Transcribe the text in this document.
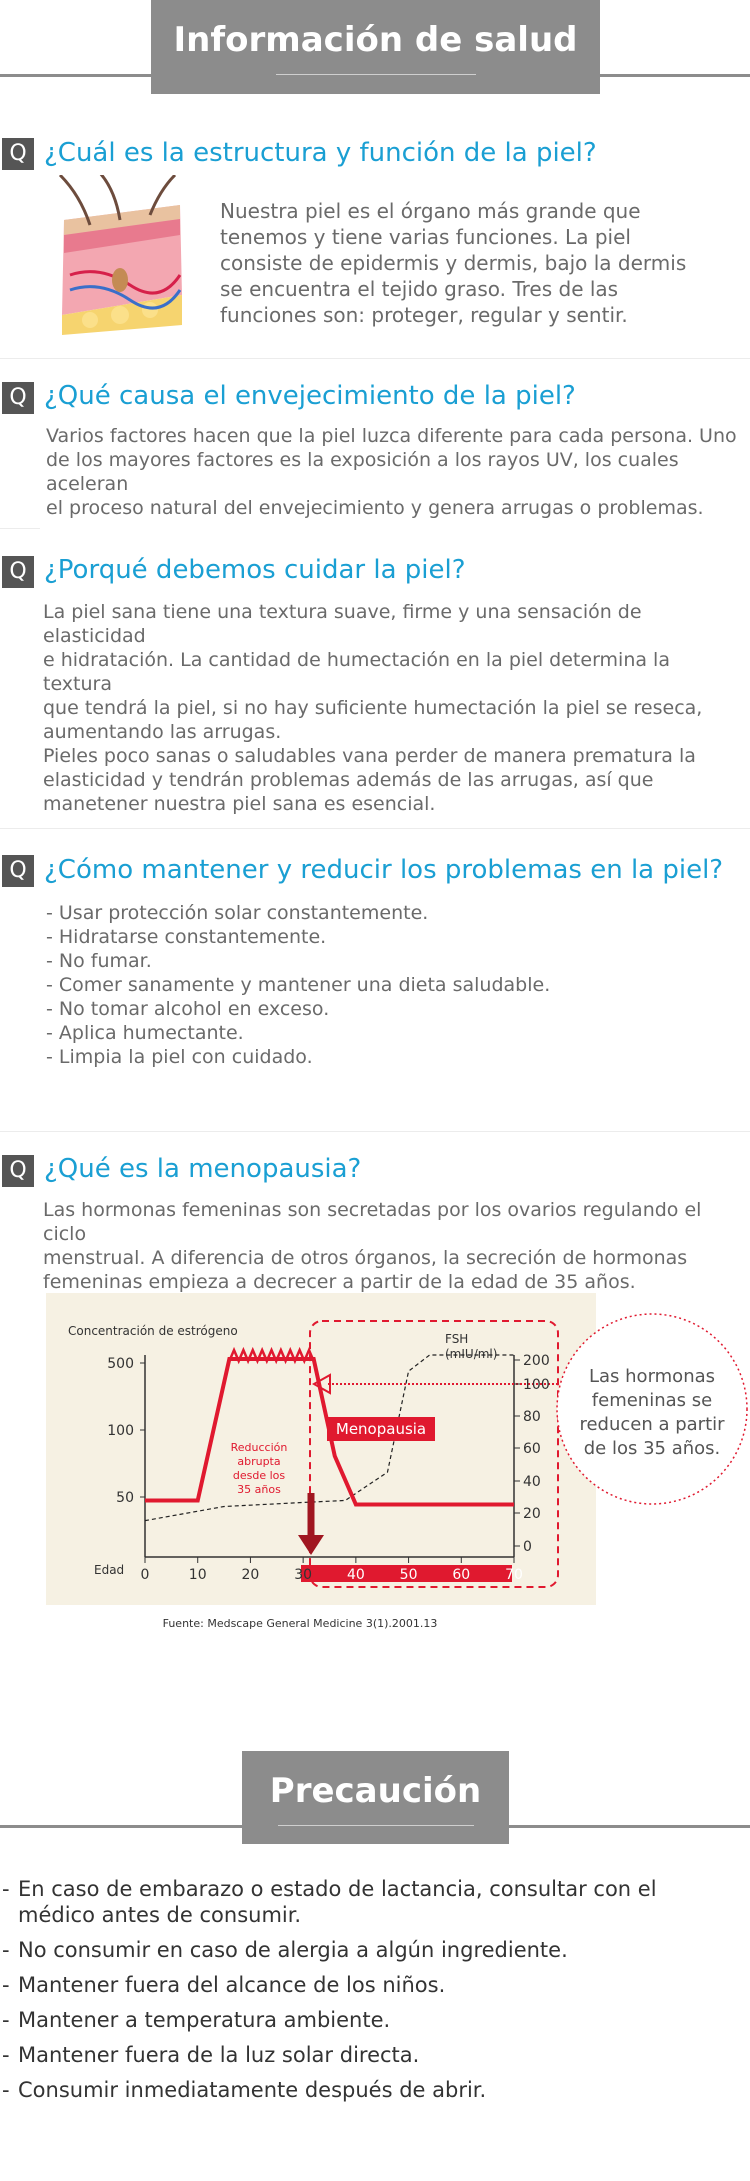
Información de salud
Q ¿Cuál es la estructura y función de la piel?
Nuestra piel es el órgano más grande que
tenemos y tiene varias funciones. La piel
consiste de epidermis y dermis, bajo la dermis
se encuentra el tejido graso. Tres de las
funciones son: proteger, regular y sentir.
Q ¿Qué causa el envejecimiento de la piel?
Varios factores hacen que la piel luzca diferente para cada persona. Uno
de los mayores factores es la exposición a los rayos UV, los cuales aceleran
el proceso natural del envejecimiento y genera arrugas o problemas.
Q ¿Porqué debemos cuidar la piel?
La piel sana tiene una textura suave, firme y una sensación de elasticidad
e hidratación. La cantidad de humectación en la piel determina la textura
que tendrá la piel, si no hay suficiente humectación la piel se reseca,
aumentando las arrugas.
Pieles poco sanas o saludables vana perder de manera prematura la
elasticidad y tendrán problemas además de las arrugas, así que
manetener nuestra piel sana es esencial.
Q ¿Cómo mantener y reducir los problemas en la piel?
- Usar protección solar constantemente.
- Hidratarse constantemente.
- No fumar.
- Comer sanamente y mantener una dieta saludable.
- No tomar alcohol en exceso.
- Aplica humectante.
- Limpia la piel con cuidado.
Q ¿Qué es la menopausia?
Las hormonas femeninas son secretadas por los ovarios regulando el ciclo
menstrual. A diferencia de otros órganos, la secreción de hormonas
femeninas empieza a decrecer a partir de la edad de 35 años.
Concentración de estrógeno
FSH
(mIU/ml)
Edad
Menopausia
Reducción
abrupta
desde los
35 años
0	10 20 30 40 50 60 70
500
100
50
200
100
80
60
40
20
0
Las hormonas
femeninas se
reducen a partir
de los 35 años.
Fuente: Medscape General Medicine 3(1).2001.13
Precaución
- En caso de embarazo o estado de lactancia, consultar con el
médico antes de consumir.
- No consumir en caso de alergia a algún ingrediente.
- Mantener fuera del alcance de los niños.
- Mantener a temperatura ambiente.
- Mantener fuera de la luz solar directa.
- Consumir inmediatamente después de abrir.
